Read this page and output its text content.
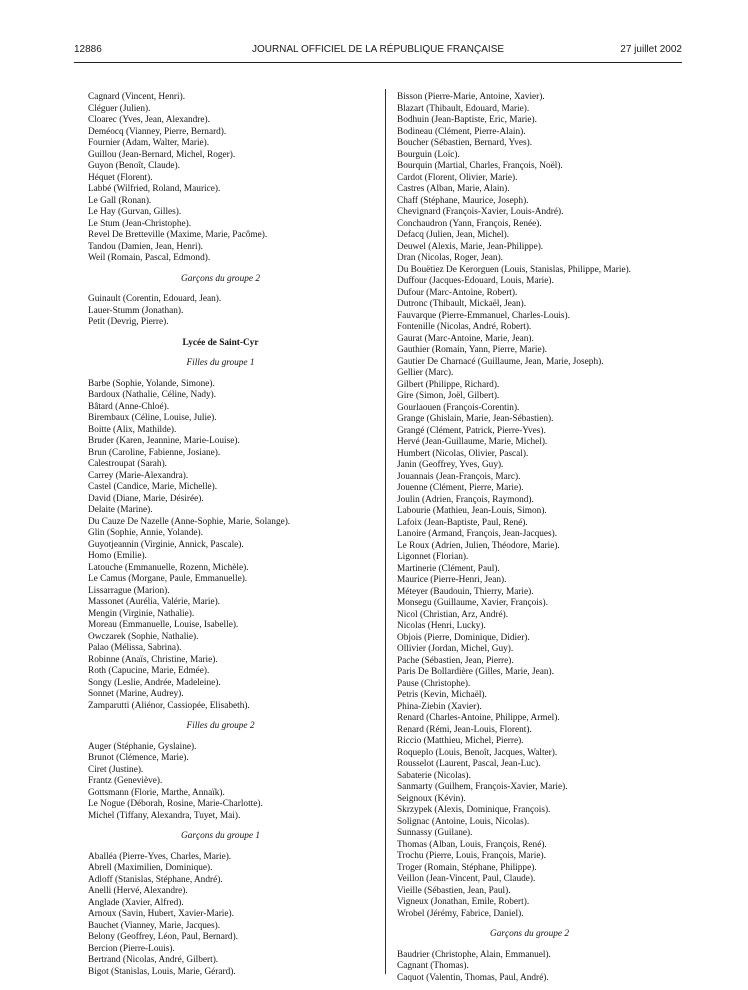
12886	JOURNAL OFFICIEL DE LA RÉPUBLIQUE FRANÇAISE	27 juillet 2002
Cagnard (Vincent, Henri).
Cléguer (Julien).
Cloarec (Yves, Jean, Alexandre).
Deméocq (Vianney, Pierre, Bernard).
Fournier (Adam, Walter, Marie).
Guillou (Jean-Bernard, Michel, Roger).
Guyon (Benoît, Claude).
Héquet (Florent).
Labbé (Wilfried, Roland, Maurice).
Le Gall (Ronan).
Le Hay (Gurvan, Gilles).
Le Stum (Jean-Christophe).
Revel De Bretteville (Maxime, Marie, Pacôme).
Tandou (Damien, Jean, Henri).
Weil (Romain, Pascal, Edmond).
Garçons du groupe 2
Guinault (Corentin, Edouard, Jean).
Lauer-Stumm (Jonathan).
Petit (Devrig, Pierre).
Lycée de Saint-Cyr
Filles du groupe 1
Barbe (Sophie, Yolande, Simone).
Bardoux (Nathalie, Céline, Nady).
Bâtard (Anne-Chloé).
Birembaux (Céline, Louise, Julie).
Boitte (Alix, Mathilde).
Bruder (Karen, Jeannine, Marie-Louise).
Brun (Caroline, Fabienne, Josiane).
Calestroupat (Sarah).
Carrey (Marie-Alexandra).
Castel (Candice, Marie, Michelle).
David (Diane, Marie, Désirée).
Delaite (Marine).
Du Cauze De Nazelle (Anne-Sophie, Marie, Solange).
Glin (Sophie, Annie, Yolande).
Guyotjeannin (Virginie, Annick, Pascale).
Homo (Emilie).
Latouche (Emmanuelle, Rozenn, Michèle).
Le Camus (Morgane, Paule, Emmanuelle).
Lissarrague (Marion).
Massonet (Aurélia, Valérie, Marie).
Mengin (Virginie, Nathalie).
Moreau (Emmanuelle, Louise, Isabelle).
Owczarek (Sophie, Nathalie).
Palao (Mélissa, Sabrina).
Robinne (Anaïs, Christine, Marie).
Roth (Capucine, Marie, Edmée).
Songy (Leslie, Andrée, Madeleine).
Sonnet (Marine, Audrey).
Zamparutti (Aliénor, Cassiopée, Elisabeth).
Filles du groupe 2
Auger (Stéphanie, Gyslaine).
Brunot (Clémence, Marie).
Ciret (Justine).
Frantz (Geneviève).
Gottsmann (Florie, Marthe, Annaïk).
Le Nogue (Déborah, Rosine, Marie-Charlotte).
Michel (Tiffany, Alexandra, Tuyet, Mai).
Garçons du groupe 1
Aballéa (Pierre-Yves, Charles, Marie).
Abrell (Maximilien, Dominique).
Adloff (Stanislas, Stéphane, André).
Anelli (Hervé, Alexandre).
Anglade (Xavier, Alfred).
Arnoux (Savin, Hubert, Xavier-Marie).
Bauchet (Vianney, Marie, Jacques).
Belony (Geoffrey, Léon, Paul, Bernard).
Bercion (Pierre-Louis).
Bertrand (Nicolas, André, Gilbert).
Bigot (Stanislas, Louis, Marie, Gérard).
Bisson (Pierre-Marie, Antoine, Xavier).
Blazart (Thibault, Edouard, Marie).
Bodhuin (Jean-Baptiste, Eric, Marie).
Bodineau (Clément, Pierre-Alain).
Boucher (Sébastien, Bernard, Yves).
Bourguin (Loïc).
Bourquin (Martial, Charles, François, Noël).
Cardot (Florent, Olivier, Marie).
Castres (Alban, Marie, Alain).
Chaff (Stéphane, Maurice, Joseph).
Chevignard (François-Xavier, Louis-André).
Conchaudron (Yann, François, Renée).
Defacq (Julien, Jean, Michel).
Deuwel (Alexis, Marie, Jean-Philippe).
Dran (Nicolas, Roger, Jean).
Du Bouëtiez De Kerorguen (Louis, Stanislas, Philippe, Marie).
Duffour (Jacques-Edouard, Louis, Marie).
Dufour (Marc-Antoine, Robert).
Dutronc (Thibault, Mickaël, Jean).
Fauvarque (Pierre-Emmanuel, Charles-Louis).
Fontenille (Nicolas, André, Robert).
Gaurat (Marc-Antoine, Marie, Jean).
Gauthier (Romain, Yann, Pierre, Marie).
Gautier De Charnacé (Guillaume, Jean, Marie, Joseph).
Gellier (Marc).
Gilbert (Philippe, Richard).
Gire (Simon, Joël, Gilbert).
Gourlaouen (François-Corentin).
Grange (Ghislain, Marie, Jean-Sébastien).
Grangé (Clément, Patrick, Pierre-Yves).
Hervé (Jean-Guillaume, Marie, Michel).
Humbert (Nicolas, Olivier, Pascal).
Janin (Geoffrey, Yves, Guy).
Jouannais (Jean-François, Marc).
Jouenne (Clément, Pierre, Marie).
Joulin (Adrien, François, Raymond).
Labourie (Mathieu, Jean-Louis, Simon).
Lafoix (Jean-Baptiste, Paul, René).
Lanoire (Armand, François, Jean-Jacques).
Le Roux (Adrien, Julien, Théodore, Marie).
Ligonnet (Florian).
Martinerie (Clément, Paul).
Maurice (Pierre-Henri, Jean).
Méteyer (Baudouin, Thierry, Marie).
Monsegu (Guillaume, Xavier, François).
Nicol (Christian, Arz, André).
Nicolas (Henri, Lucky).
Objois (Pierre, Dominique, Didier).
Ollivier (Jordan, Michel, Guy).
Pache (Sébastien, Jean, Pierre).
Paris De Bollardière (Gilles, Marie, Jean).
Pause (Christophe).
Petris (Kevin, Michaël).
Phina-Ziebin (Xavier).
Renard (Charles-Antoine, Philippe, Armel).
Renard (Rémi, Jean-Louis, Florent).
Riccio (Matthieu, Michel, Pierre).
Roqueplo (Louis, Benoît, Jacques, Walter).
Rousselot (Laurent, Pascal, Jean-Luc).
Sabaterie (Nicolas).
Sanmarty (Guilhem, François-Xavier, Marie).
Seignoux (Kévin).
Skrzypek (Alexis, Dominique, François).
Solignac (Antoine, Louis, Nicolas).
Sunnassy (Guilane).
Thomas (Alban, Louis, François, René).
Trochu (Pierre, Louis, François, Marie).
Troger (Romain, Stéphane, Philippe).
Veillon (Jean-Vincent, Paul, Claude).
Vieille (Sébastien, Jean, Paul).
Vigneux (Jonathan, Emile, Robert).
Wrobel (Jérémy, Fabrice, Daniel).
Garçons du groupe 2
Baudrier (Christophe, Alain, Emmanuel).
Cagnant (Thomas).
Caquot (Valentin, Thomas, Paul, André).
